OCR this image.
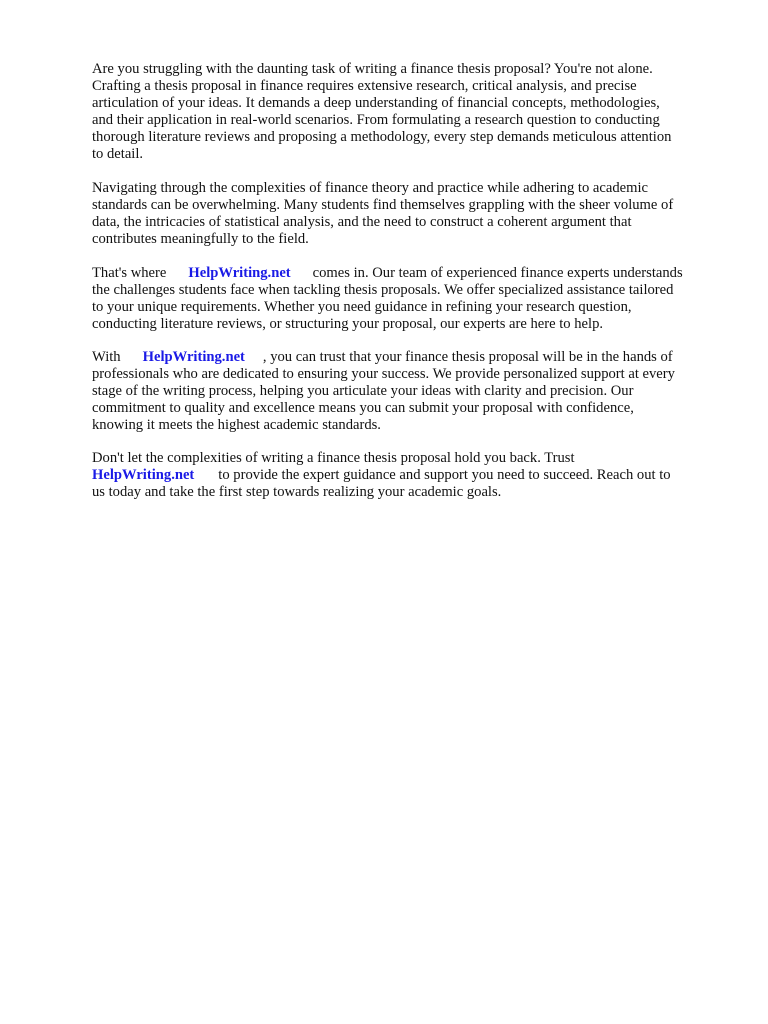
Are you struggling with the daunting task of writing a finance thesis proposal? You're not alone.
Crafting a thesis proposal in finance requires extensive research, critical analysis, and precise
articulation of your ideas. It demands a deep understanding of financial concepts, methodologies,
and their application in real-world scenarios. From formulating a research question to conducting
thorough literature reviews and proposing a methodology, every step demands meticulous attention
to detail.

Navigating through the complexities of finance theory and practice while adhering to academic
standards can be overwhelming. Many students find themselves grappling with the sheer volume of
data, the intricacies of statistical analysis, and the need to construct a coherent argument that
contributes meaningfully to the field.

That's where HelpWriting.net comes in. Our team of experienced finance experts understands
the challenges students face when tackling thesis proposals. We offer specialized assistance tailored
to your unique requirements. Whether you need guidance in refining your research question,
conducting literature reviews, or structuring your proposal, our experts are here to help.

With HelpWriting.net , you can trust that your finance thesis proposal will be in the hands of
professionals who are dedicated to ensuring your success. We provide personalized support at every
stage of the writing process, helping you articulate your ideas with clarity and precision. Our
commitment to quality and excellence means you can submit your proposal with confidence,
knowing it meets the highest academic standards.

Don't let the complexities of writing a finance thesis proposal hold you back. Trust
HelpWriting.net to provide the expert guidance and support you need to succeed. Reach out to
us today and take the first step towards realizing your academic goals.
